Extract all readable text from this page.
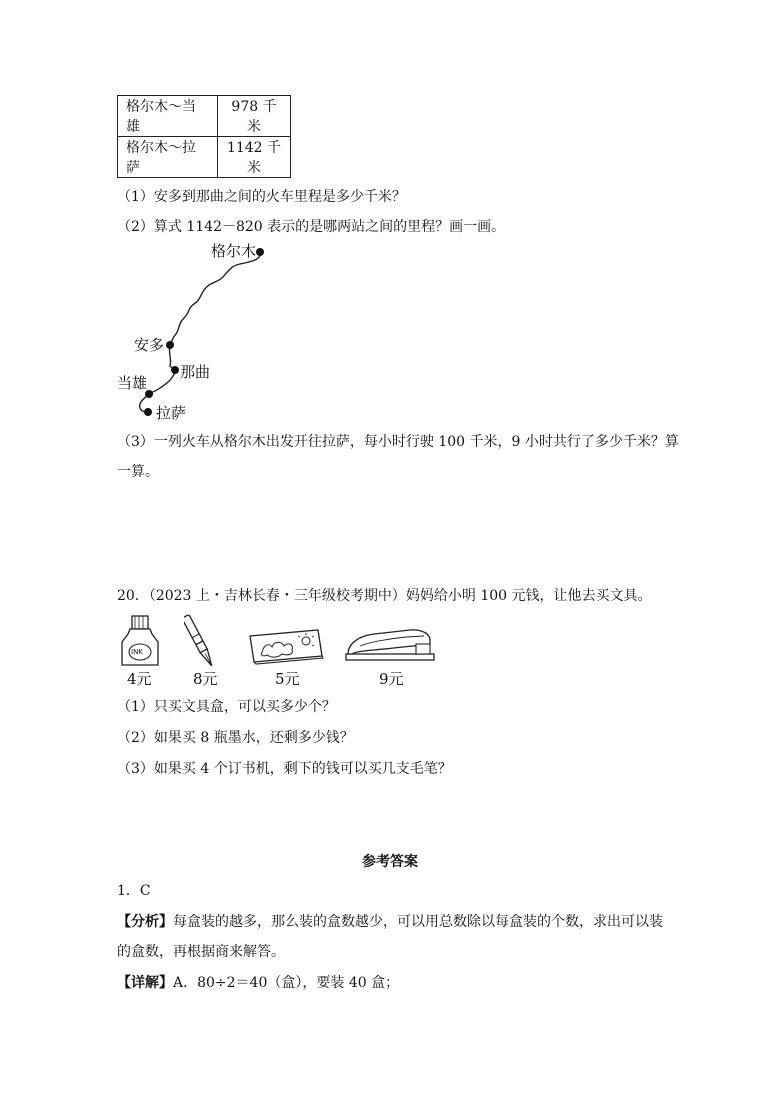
格尔木～当雄	978 千米
格尔木～拉萨	1142 千米
（1）安多到那曲之间的火车里程是多少千米？
（2）算式 1142－820 表示的是哪两站之间的里程？画一画。
格尔木
安多
那曲
当雄
拉萨
（3）一列火车从格尔木出发开往拉萨，每小时行驶 100 千米，9 小时共行了多少千米？算
一算。
20．（2023 上・吉林长春・三年级校考期中）妈妈给小明 100 元钱，让他去买文具。
INK
4元	8元	5元	9元
（1）只买文具盒，可以买多少个？
（2）如果买 8 瓶墨水，还剩多少钱？
（3）如果买 4 个订书机，剩下的钱可以买几支毛笔？
参考答案
1．C
【分析】每盒装的越多，那么装的盒数越少，可以用总数除以每盒装的个数，求出可以装
的盒数，再根据商来解答。
【详解】A．80÷2＝40（盒），要装 40 盒；
